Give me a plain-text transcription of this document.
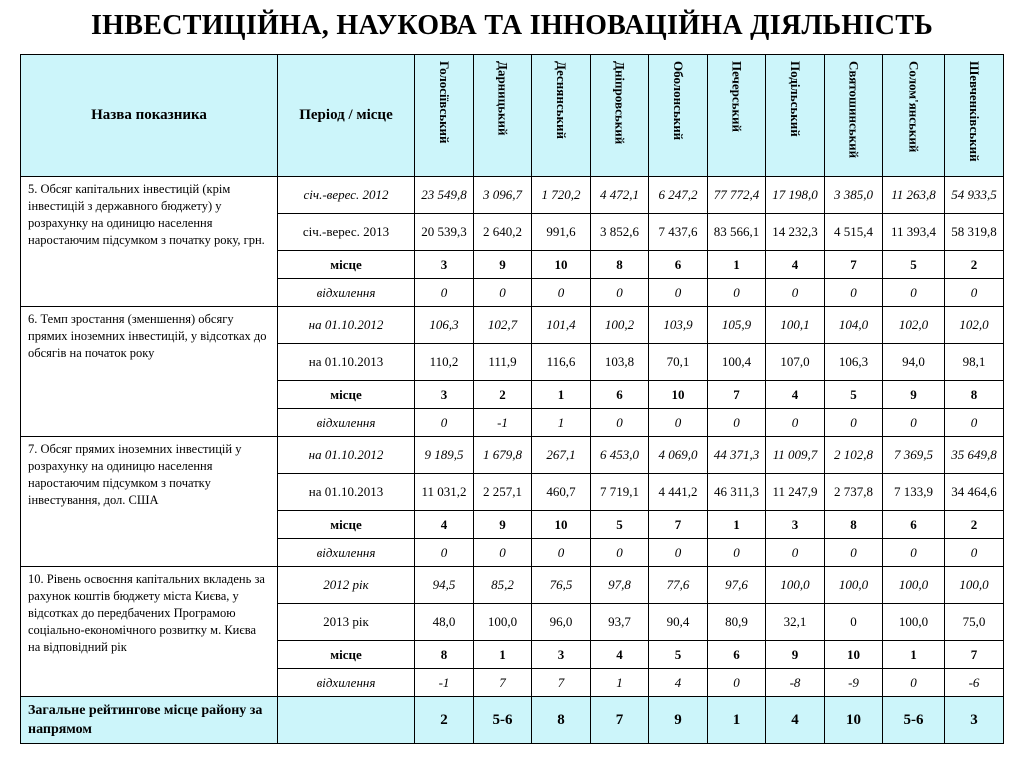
ІНВЕСТИЦІЙНА, НАУКОВА ТА ІННОВАЦІЙНА ДІЯЛЬНІСТЬ
Назва показника	Період / місце	Голосіївський	Дарницький	Деснянський	Дніпровський	Оболонський	Печерський	Подільський	Святошинський	Солом'янський	Шевченківський
5. Обсяг капітальних інвестицій (крім інвестицій з державного бюджету) у розрахунку на одиницю населення наростаючим підсумком з початку року, грн.	січ.-верес. 2012	23 549,8	3 096,7	1 720,2	4 472,1	6 247,2	77 772,4	17 198,0	3 385,0	11 263,8	54 933,5
	січ.-верес. 2013	20 539,3	2 640,2	991,6	3 852,6	7 437,6	83 566,1	14 232,3	4 515,4	11 393,4	58 319,8
	місце	3	9	10	8	6	1	4	7	5	2
	відхилення	0	0	0	0	0	0	0	0	0	0
6. Темп зростання (зменшення) обсягу прямих іноземних інвестицій, у відсотках до обсягів на початок року	на 01.10.2012	106,3	102,7	101,4	100,2	103,9	105,9	100,1	104,0	102,0	102,0
	на 01.10.2013	110,2	111,9	116,6	103,8	70,1	100,4	107,0	106,3	94,0	98,1
	місце	3	2	1	6	10	7	4	5	9	8
	відхилення	0	-1	1	0	0	0	0	0	0	0
7. Обсяг прямих іноземних інвестицій у розрахунку на одиницю населення наростаючим підсумком з початку інвестування, дол. США	на 01.10.2012	9 189,5	1 679,8	267,1	6 453,0	4 069,0	44 371,3	11 009,7	2 102,8	7 369,5	35 649,8
	на 01.10.2013	11 031,2	2 257,1	460,7	7 719,1	4 441,2	46 311,3	11 247,9	2 737,8	7 133,9	34 464,6
	місце	4	9	10	5	7	1	3	8	6	2
	відхилення	0	0	0	0	0	0	0	0	0	0
10. Рівень освоєння капітальних вкладень за рахунок коштів бюджету міста Києва, у відсотках до передбачених Програмою соціально-економічного розвитку м. Києва на відповідний рік	2012 рік	94,5	85,2	76,5	97,8	77,6	97,6	100,0	100,0	100,0	100,0
	2013 рік	48,0	100,0	96,0	93,7	90,4	80,9	32,1	0	100,0	75,0
	місце	8	1	3	4	5	6	9	10	1	7
	відхилення	-1	7	7	1	4	0	-8	-9	0	-6
Загальне рейтингове місце району за напрямом		2	5-6	8	7	9	1	4	10	5-6	3
